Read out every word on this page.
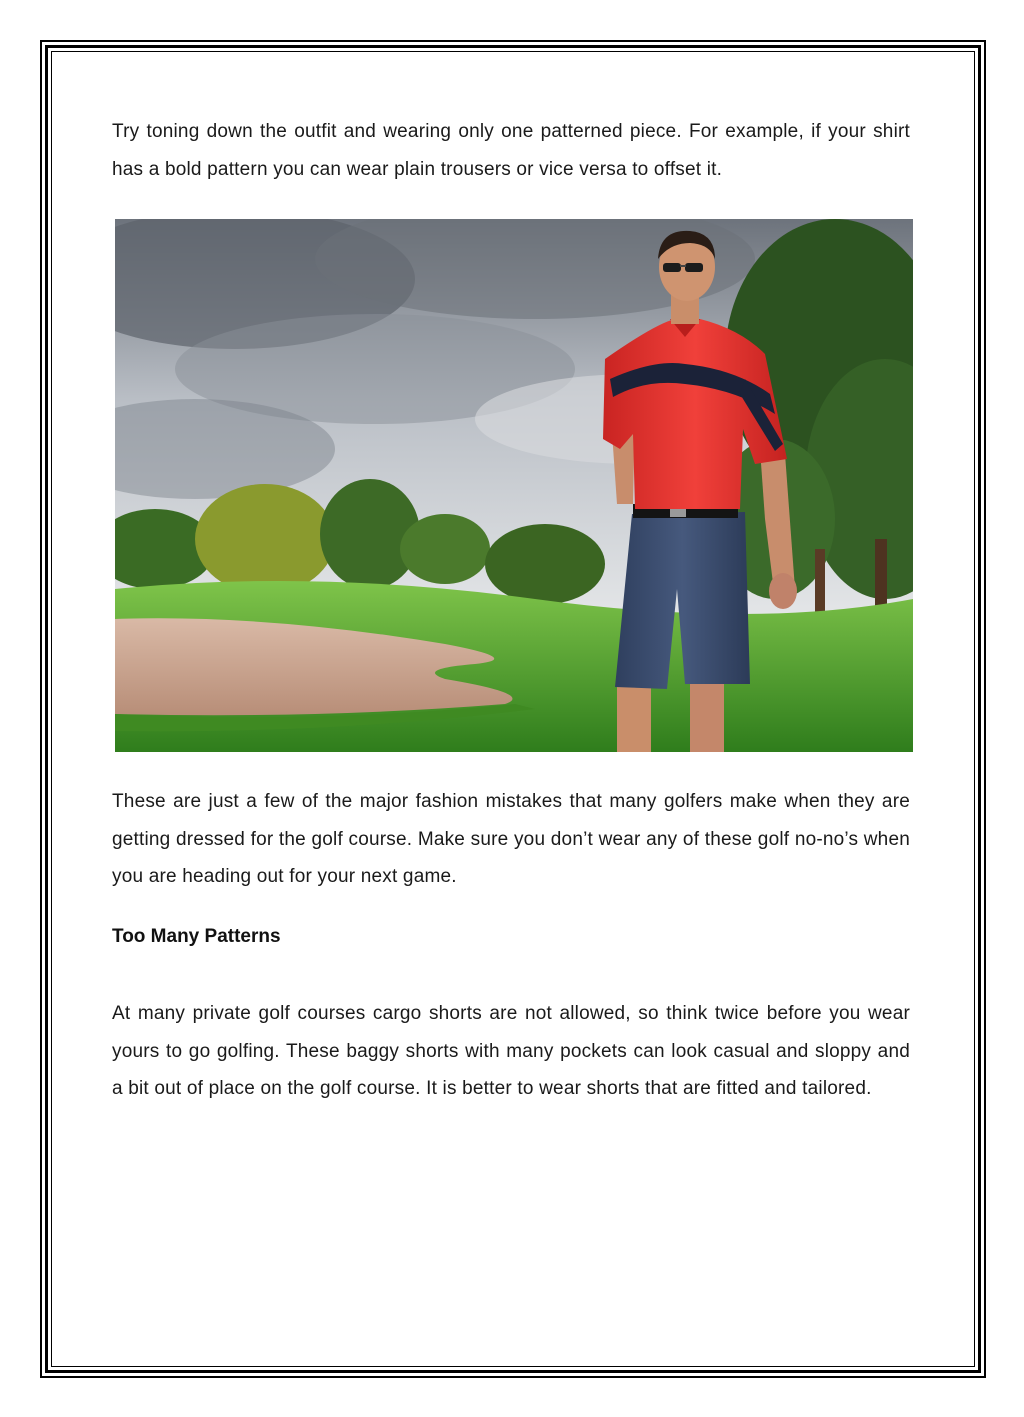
Try toning down the outfit and wearing only one patterned piece. For example, if your shirt has a bold pattern you can wear plain trousers or vice versa to offset it.

These are just a few of the major fashion mistakes that many golfers make when they are getting dressed for the golf course. Make sure you don’t wear any of these golf no-no’s when you are heading out for your next game.

Too Many Patterns

At many private golf courses cargo shorts are not allowed, so think twice before you wear yours to go golfing. These baggy shorts with many pockets can look casual and sloppy and a bit out of place on the golf course. It is better to wear shorts that are fitted and tailored.
